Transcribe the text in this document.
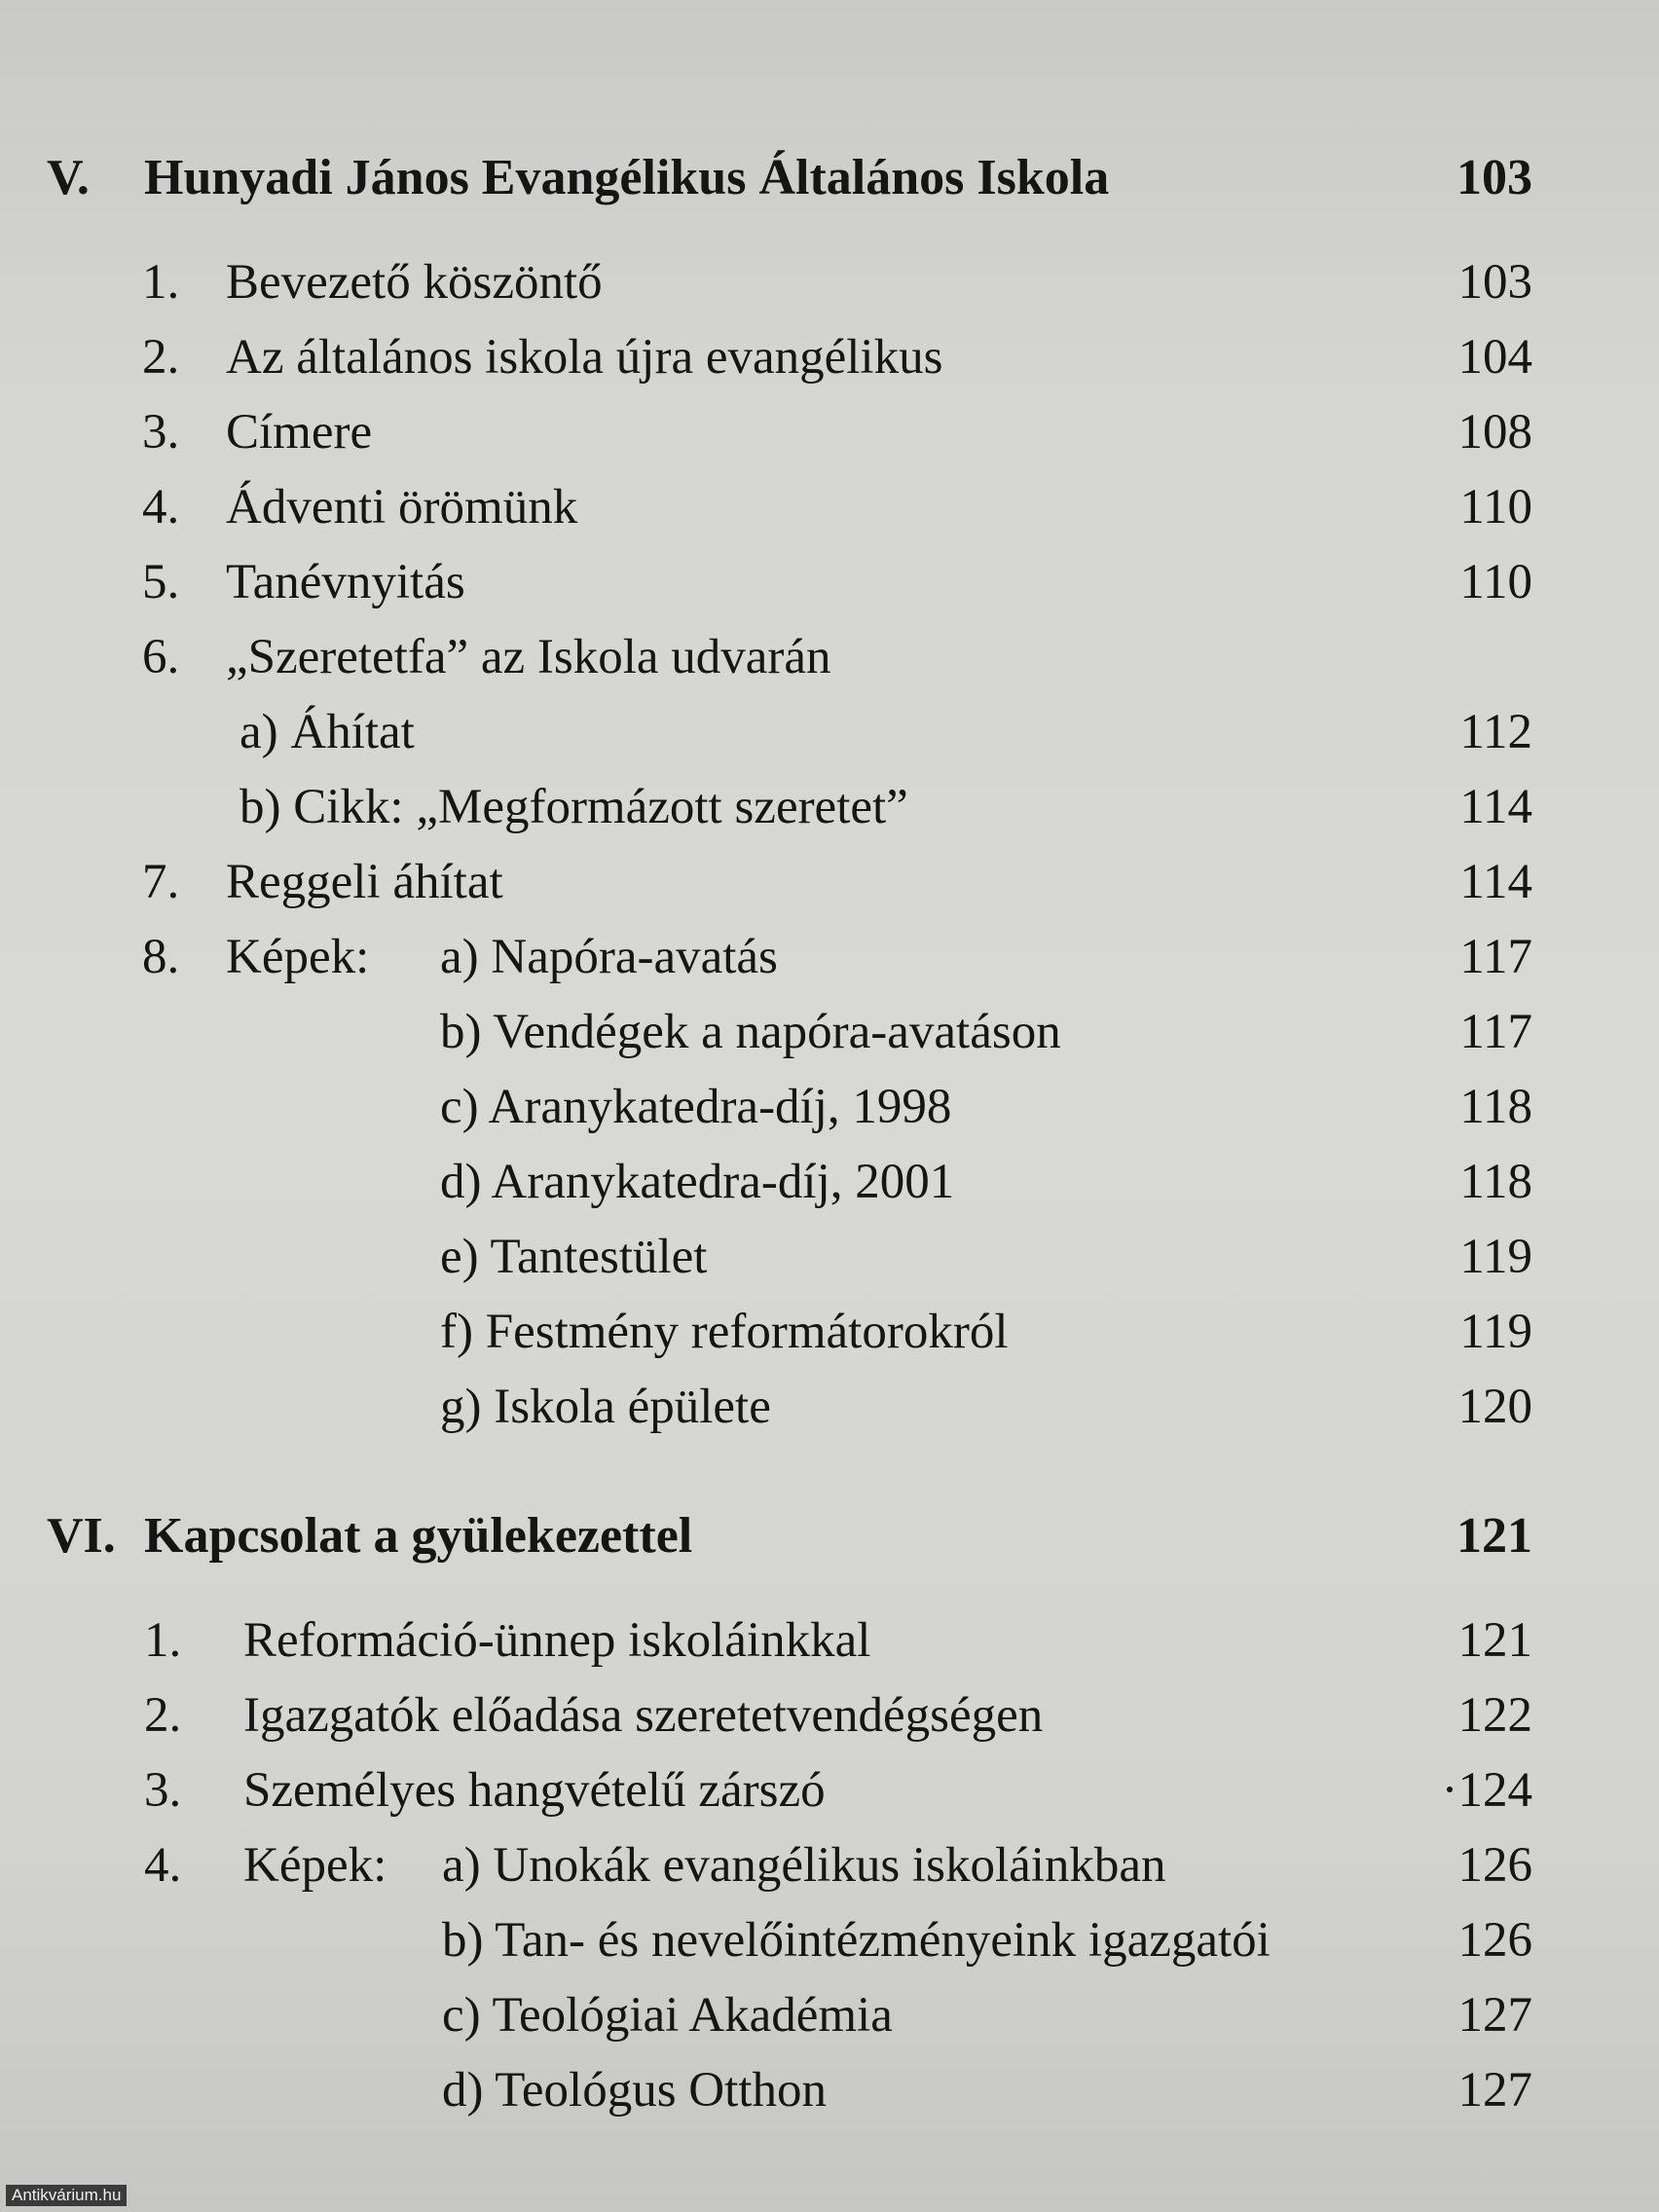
V. Hunyadi János Evangélikus Általános Iskola	103
1. Bevezető köszöntő	103
2. Az általános iskola újra evangélikus	104
3. Címere	108
4. Ádventi örömünk	110
5. Tanévnyitás	110
6. „Szeretetfa” az Iskola udvarán
a) Áhítat	112
b) Cikk: „Megformázott szeretet”	114
7. Reggeli áhítat	114
8. Képek: a) Napóra-avatás	117
b) Vendégek a napóra-avatáson	117
c) Aranykatedra-díj, 1998	118
d) Aranykatedra-díj, 2001	118
e) Tantestület	119
f) Festmény reformátorokról	119
g) Iskola épülete	120
VI. Kapcsolat a gyülekezettel	121
1. Reformáció-ünnep iskoláinkkal	121
2. Igazgatók előadása szeretetvendégségen	122
3. Személyes hangvételű zárszó	·124
4. Képek: a) Unokák evangélikus iskoláinkban	126
b) Tan- és nevelőintézményeink igazgatói	126
c) Teológiai Akadémia	127
d) Teológus Otthon	127
Antikvárium.hu
